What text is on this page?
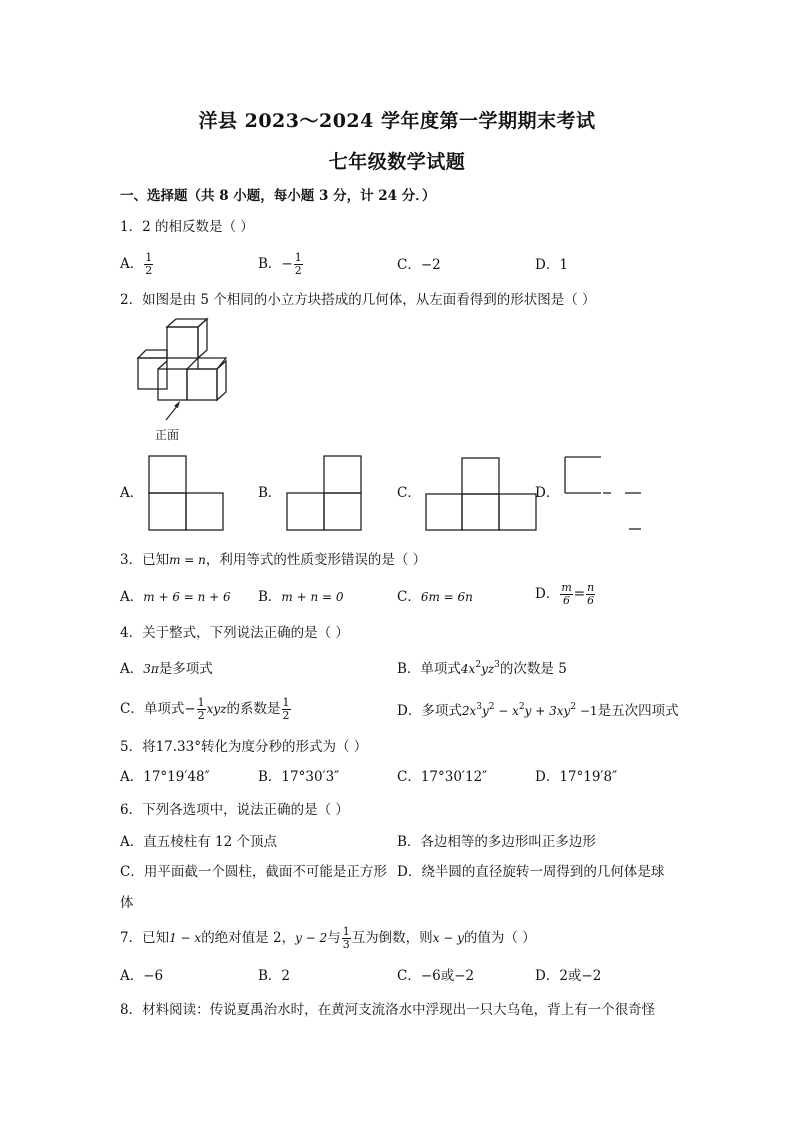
洋县 2023～2024 学年度第一学期期末考试
七年级数学试题
一、选择题（共 8 小题，每小题 3 分，计 24 分．）
1．2 的相反数是（ ）
A． $\frac{1}{2}$	B．− $\frac{1}{2}$	C．−2	D．1
2．如图是由 5 个相同的小立方块搭成的几何体，从左面看得到的形状图是（ ）
正面
A．	B．	C．	D．
3．已知m = n，利用等式的性质变形错误的是（ ）
A．m + 6 = n + 6 B．m + n = 0	C．6m = 6n	D． $\frac{m}{6} = \frac{n}{6}$
4．关于整式，下列说法正确的是（ ）
A．3π是多项式	B．单项式$4x^2yz^3$的次数是 5
C．单项式− $\frac{1}{2}$ xyz的系数是 $\frac{1}{2}$	D．多项式$2x^3y^2 - x^2y + 3xy^2 -1$是五次四项式
5．将17.33°转化为度分秒的形式为（ ）
A．17°19′48″	B．17°30′3″	C．17°30′12″	D．17°19′8″
6．下列各选项中，说法正确的是（ ）
A．直五棱柱有 12 个顶点	B．各边相等的多边形叫正多边形
C．用平面截一个圆柱，截面不可能是正方形 D．绕半圆的直径旋转一周得到的几何体是球
体
7．已知1 − x的绝对值是 2，y − 2与 $\frac{1}{3}$ 互为倒数，则x − y的值为（ ）
A．−6	B．2	C．−6或−2	D．2或−2
8．材料阅读：传说夏禹治水时，在黄河支流洛水中浮现出一只大乌龟，背上有一个很奇怪
